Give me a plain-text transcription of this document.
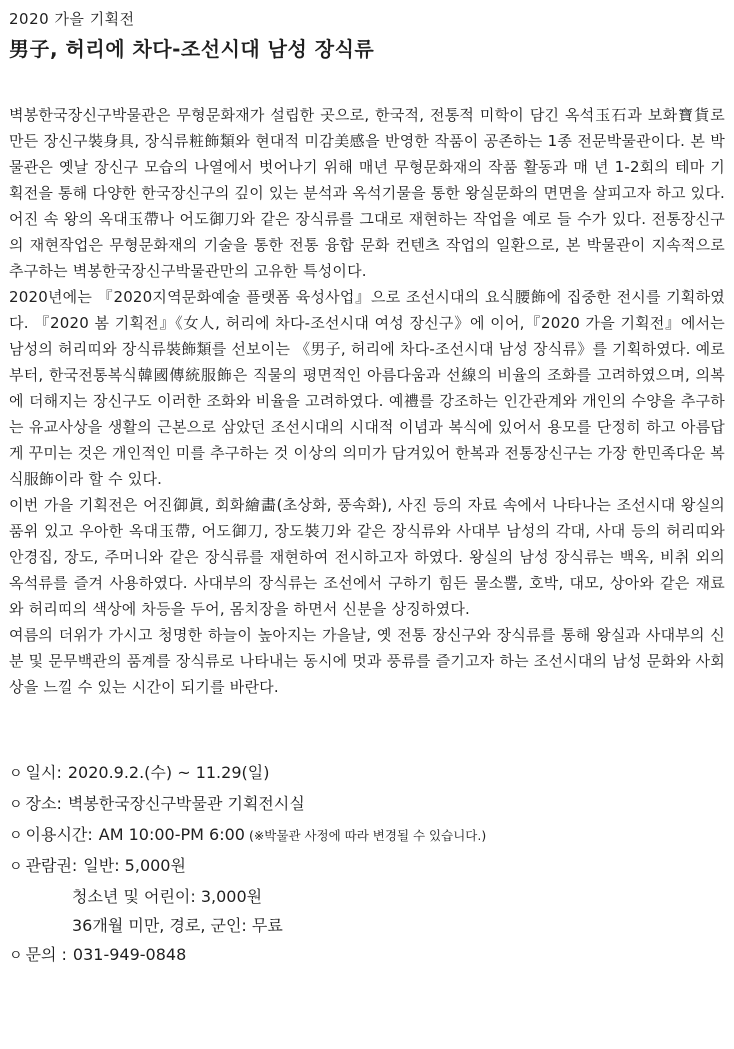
2020 가을 기획전
男子, 허리에 차다-조선시대 남성 장식류

벽봉한국장신구박물관은 무형문화재가 설립한 곳으로, 한국적, 전통적 미학이 담긴 옥석玉石과 보화寶貨로 만든 장신구裝身具, 장식류粧飾類와 현대적 미감美感을 반영한 작품이 공존하는 1종 전문박물관이다. 본 박물관은 옛날 장신구 모습의 나열에서 벗어나기 위해 매년 무형문화재의 작품 활동과 매 년 1-2회의 테마 기획전을 통해 다양한 한국장신구의 깊이 있는 분석과 옥석기물을 통한 왕실문화의 면면을 살피고자 하고 있다. 어진 속 왕의 옥대玉帶나 어도御刀와 같은 장식류를 그대로 재현하는 작업을 예로 들 수가 있다. 전통장신구의 재현작업은 무형문화재의 기술을 통한 전통 융합 문화 컨텐츠 작업의 일환으로, 본 박물관이 지속적으로 추구하는 벽봉한국장신구박물관만의 고유한 특성이다.

2020년에는 『2020지역문화예술 플랫폼 육성사업』으로 조선시대의 요식腰飾에 집중한 전시를 기획하였다. 『2020 봄 기획전』《女人, 허리에 차다-조선시대 여성 장신구》에 이어,『2020 가을 기획전』에서는 남성의 허리띠와 장식류裝飾類를 선보이는 《男子, 허리에 차다-조선시대 남성 장식류》를 기획하였다. 예로부터, 한국전통복식韓國傳統服飾은 직물의 평면적인 아름다움과 선線의 비율의 조화를 고려하였으며, 의복에 더해지는 장신구도 이러한 조화와 비율을 고려하였다. 예禮를 강조하는 인간관계와 개인의 수양을 추구하는 유교사상을 생활의 근본으로 삼았던 조선시대의 시대적 이념과 복식에 있어서 용모를 단정히 하고 아름답게 꾸미는 것은 개인적인 미를 추구하는 것 이상의 의미가 담겨있어 한복과 전통장신구는 가장 한민족다운 복식服飾이라 할 수 있다.

이번 가을 기획전은 어진御眞, 회화繪畵(초상화, 풍속화), 사진 등의 자료 속에서 나타나는 조선시대 왕실의 품위 있고 우아한 옥대玉帶, 어도御刀, 장도裝刀와 같은 장식류와 사대부 남성의 각대, 사대 등의 허리띠와 안경집, 장도, 주머니와 같은 장식류를 재현하여 전시하고자 하였다. 왕실의 남성 장식류는 백옥, 비취 외의 옥석류를 즐겨 사용하였다. 사대부의 장식류는 조선에서 구하기 힘든 물소뿔, 호박, 대모, 상아와 같은 재료와 허리띠의 색상에 차등을 두어, 몸치장을 하면서 신분을 상징하였다.

여름의 더위가 가시고 청명한 하늘이 높아지는 가을날, 옛 전통 장신구와 장식류를 통해 왕실과 사대부의 신분 및 문무백관의 품계를 장식류로 나타내는 동시에 멋과 풍류를 즐기고자 하는 조선시대의 남성 문화와 사회상을 느낄 수 있는 시간이 되기를 바란다.

ㅇ 일시: 2020.9.2.(수) ~ 11.29(일)
ㅇ 장소: 벽봉한국장신구박물관 기획전시실
ㅇ 이용시간: AM 10:00-PM 6:00 (※박물관 사정에 따라 변경될 수 있습니다.)
ㅇ 관람권: 일반: 5,000원
청소년 및 어린이: 3,000원
36개월 미만, 경로, 군인: 무료
ㅇ 문의 : 031-949-0848
